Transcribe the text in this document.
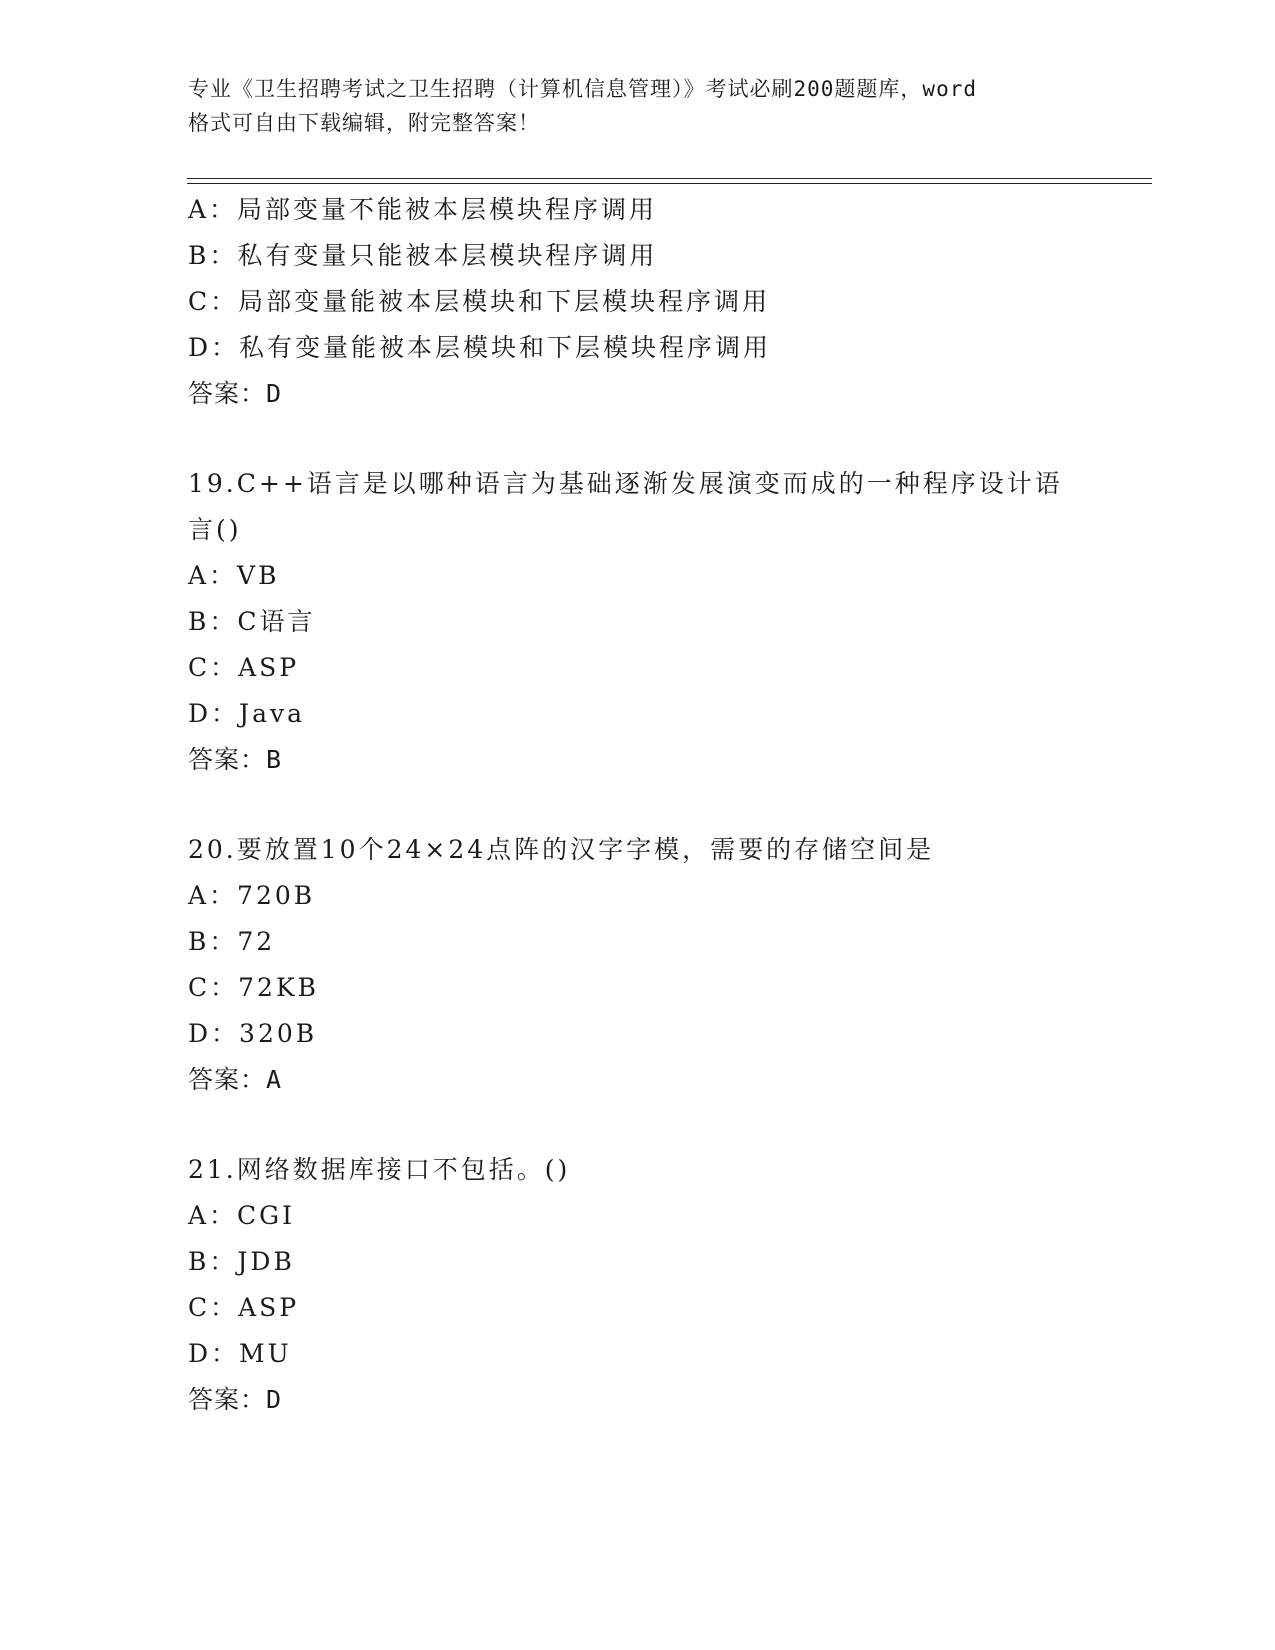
专业《卫生招聘考试之卫生招聘（计算机信息管理）》考试必刷200题题库，word
格式可自由下载编辑，附完整答案！
A：局部变量不能被本层模块程序调用
B：私有变量只能被本层模块程序调用
C：局部变量能被本层模块和下层模块程序调用
D：私有变量能被本层模块和下层模块程序调用
答案：D
19.C++语言是以哪种语言为基础逐渐发展演变而成的一种程序设计语言()
A：VB
B：C语言
C：ASP
D：Java
答案：B
20.要放置10个24×24点阵的汉字字模，需要的存储空间是
A：720B
B：72
C：72KB
D：320B
答案：A
21.网络数据库接口不包括。()
A：CGI
B：JDB
C：ASP
D：MU
答案：D
